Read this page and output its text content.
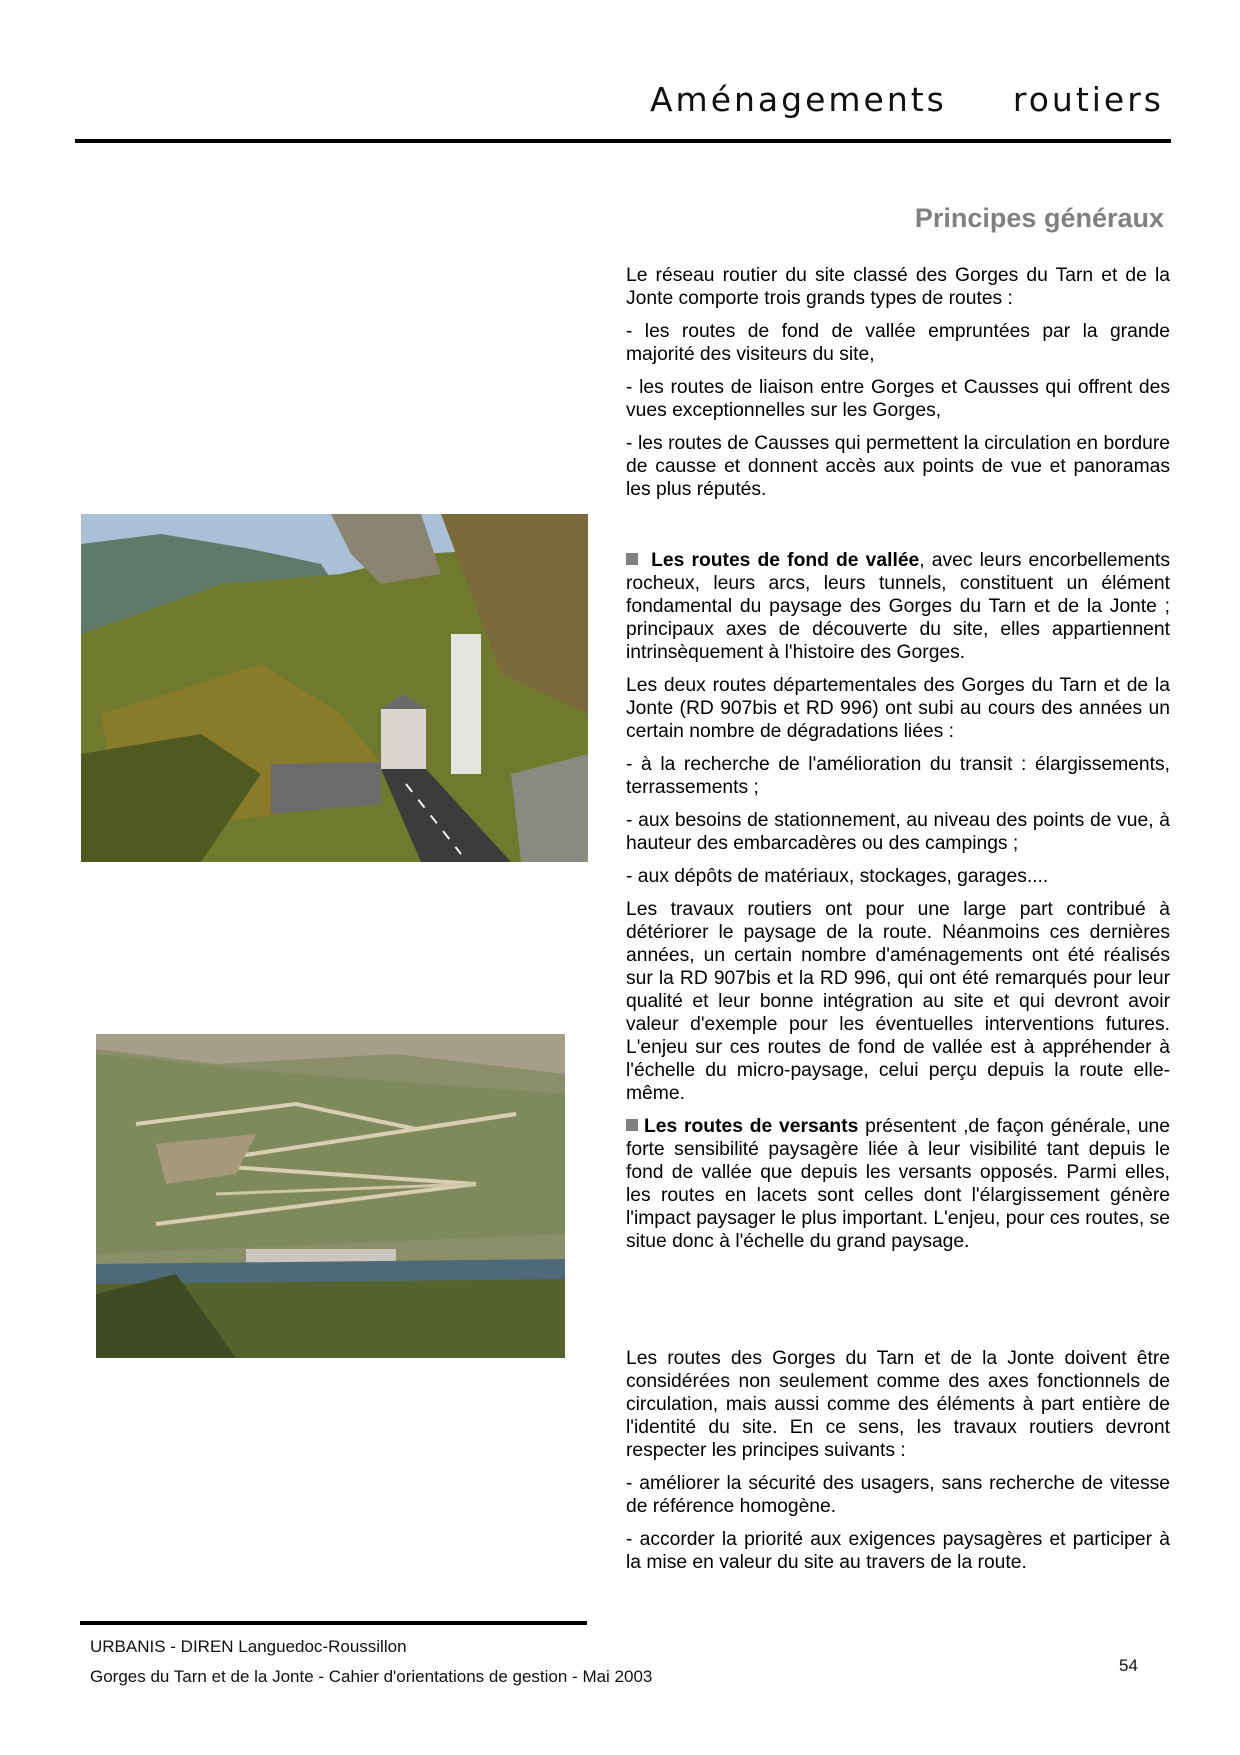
Aménagements routiers
Principes généraux

Le réseau routier du site classé des Gorges du Tarn et de la Jonte comporte trois grands types de routes :

- les routes de fond de vallée empruntées par la grande majorité des visiteurs du site,

- les routes de liaison entre Gorges et Causses qui offrent des vues exceptionnelles sur les Gorges,

- les routes de Causses qui permettent la circulation en bordure de causse et donnent accès aux points de vue et panoramas les plus réputés.

Les routes de fond de vallée, avec leurs encorbellements rocheux, leurs arcs, leurs tunnels, constituent un élément fondamental du paysage des Gorges du Tarn et de la Jonte ; principaux axes de découverte du site, elles appartiennent intrinsèquement à l'histoire des Gorges.

Les deux routes départementales des Gorges du Tarn et de la Jonte (RD 907bis et RD 996) ont subi au cours des années un certain nombre de dégradations liées :

- à la recherche de l'amélioration du transit : élargissements, terrassements ;

- aux besoins de stationnement, au niveau des points de vue, à hauteur des embarcadères ou des campings ;

- aux dépôts de matériaux, stockages, garages....

Les travaux routiers ont pour une large part contribué à détériorer le paysage de la route. Néanmoins ces dernières années, un certain nombre d'aménagements ont été réalisés sur la RD 907bis et la RD 996, qui ont été remarqués pour leur qualité et leur bonne intégration au site et qui devront avoir valeur d'exemple pour les éventuelles interventions futures. L'enjeu sur ces routes de fond de vallée est à appréhender à l'échelle du micro-paysage, celui perçu depuis la route elle-même.

Les routes de versants présentent ,de façon générale, une forte sensibilité paysagère liée à leur visibilité tant depuis le fond de vallée que depuis les versants opposés. Parmi elles, les routes en lacets sont celles dont l'élargissement génère l'impact paysager le plus important. L'enjeu, pour ces routes, se situe donc à l'échelle du grand paysage.

Les routes des Gorges du Tarn et de la Jonte doivent être considérées non seulement comme des axes fonctionnels de circulation, mais aussi comme des éléments à part entière de l'identité du site. En ce sens, les travaux routiers devront respecter les principes suivants :

- améliorer la sécurité des usagers, sans recherche de vitesse de référence homogène.

- accorder la priorité aux exigences paysagères et participer à la mise en valeur du site au travers de la route.

URBANIS - DIREN Languedoc-Roussillon
Gorges du Tarn et de la Jonte - Cahier d'orientations de gestion - Mai 2003
54
